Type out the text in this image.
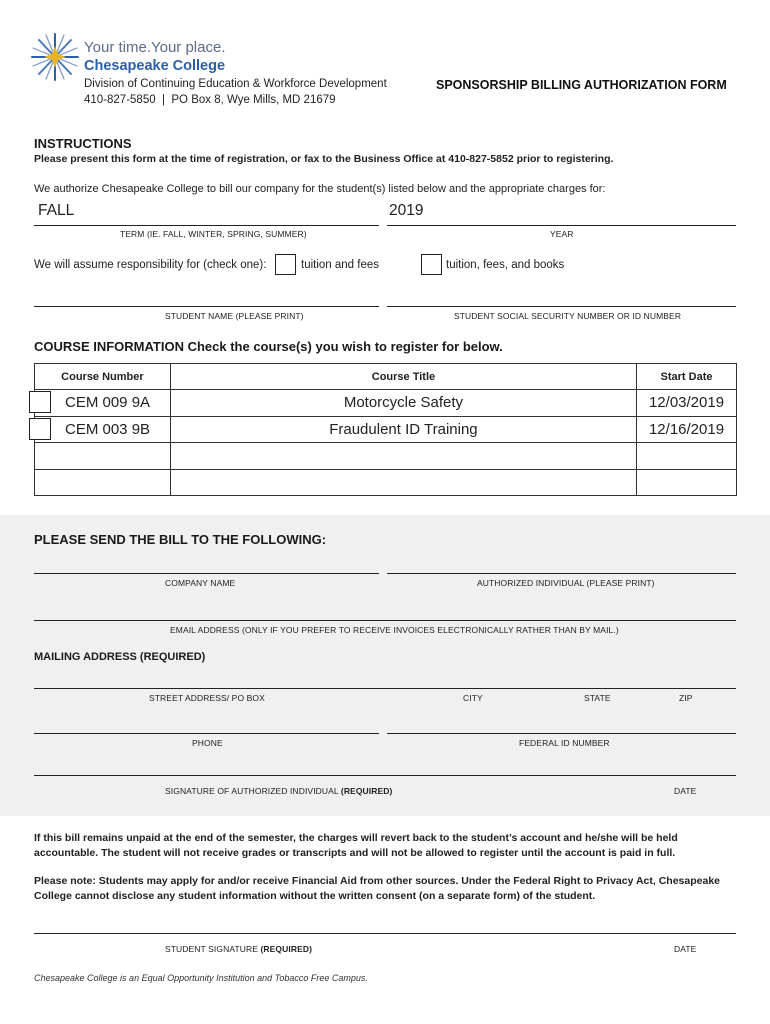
Your time.Your place.
Chesapeake College
Division of Continuing Education & Workforce Development
410-827-5850  |  PO Box 8, Wye Mills, MD 21679
SPONSORSHIP BILLING AUTHORIZATION FORM
INSTRUCTIONS
Please present this form at the time of registration, or fax to the Business Office at 410-827-5852 prior to registering.
We authorize Chesapeake College to bill our company for the student(s) listed below and the appropriate charges for:
FALL
TERM (IE. FALL, WINTER, SPRING, SUMMER)
2019
YEAR
We will assume responsibility for (check one):	tuition and fees	tuition, fees, and books
STUDENT NAME (PLEASE PRINT)	STUDENT SOCIAL SECURITY NUMBER OR ID NUMBER
COURSE INFORMATION Check the course(s) you wish to register for below.
Course Number	Course Title	Start Date
CEM 009 9A	Motorcycle Safety	12/03/2019
CEM 003 9B	Fraudulent ID Training	12/16/2019

PLEASE SEND THE BILL TO THE FOLLOWING:
COMPANY NAME	AUTHORIZED INDIVIDUAL (PLEASE PRINT)
EMAIL ADDRESS (ONLY IF YOU PREFER TO RECEIVE INVOICES ELECTRONICALLY RATHER THAN BY MAIL.)
MAILING ADDRESS (REQUIRED)
STREET ADDRESS/ PO BOX	CITY	STATE	ZIP
PHONE	FEDERAL ID NUMBER
SIGNATURE OF AUTHORIZED INDIVIDUAL (REQUIRED)	DATE
If this bill remains unpaid at the end of the semester, the charges will revert back to the student’s account and he/she will be held accountable. The student will not receive grades or transcripts and will not be allowed to register until the account is paid in full.
Please note: Students may apply for and/or receive Financial Aid from other sources. Under the Federal Right to Privacy Act, Chesapeake College cannot disclose any student information without the written consent (on a separate form) of the student.
STUDENT SIGNATURE (REQUIRED)	DATE
Chesapeake College is an Equal Opportunity Institution and Tobacco Free Campus.
